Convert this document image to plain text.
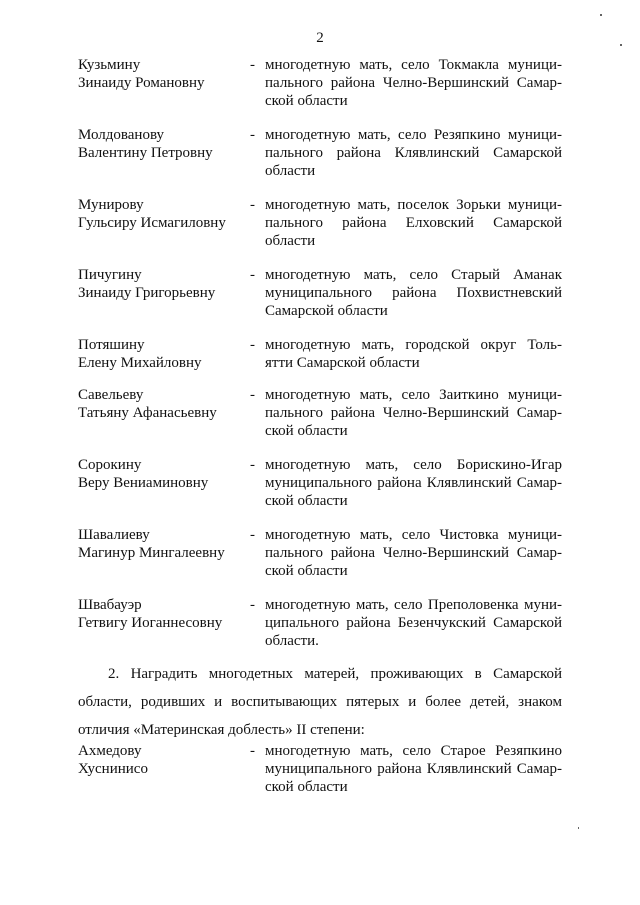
2
Кузьмину
Зинаиду Романовну
- многодетную мать, село Токмакла муници-
пального района Челно-Вершинский Самар-
ской области
Молдованову
Валентину Петровну
- многодетную мать, село Резяпкино муници-
пального района Клявлинский Самарской
области
Мунирову
Гульсиру Исмагиловну
- многодетную мать, поселок Зорьки муници-
пального района Елховский Самарской
области
Пичугину
Зинаиду Григорьевну
- многодетную мать, село Старый Аманак
муниципального района Похвистневский
Самарской области
Потяшину
Елену Михайловну
- многодетную мать, городской округ Толь-
ятти Самарской области
Савельеву
Татьяну Афанасьевну
- многодетную мать, село Заиткино муници-
пального района Челно-Вершинский Самар-
ской области
Сорокину
Веру Вениаминовну
- многодетную мать, село Борискино-Игар
муниципального района Клявлинский Самар-
ской области
Шавалиеву
Магинур Мингалеевну
- многодетную мать, село Чистовка муници-
пального района Челно-Вершинский Самар-
ской области
Швабауэр
Гетвигу Иоганнесовну
- многодетную мать, село Преполовенка муни-
ципального района Безенчукский Самарской
области.
2. Наградить многодетных матерей, проживающих в Самарской
области, родивших и воспитывающих пятерых и более детей, знаком
отличия «Материнская доблесть» II степени:
Ахмедову
Хуснинисо
- многодетную мать, село Старое Резяпкино
муниципального района Клявлинский Самар-
ской области
